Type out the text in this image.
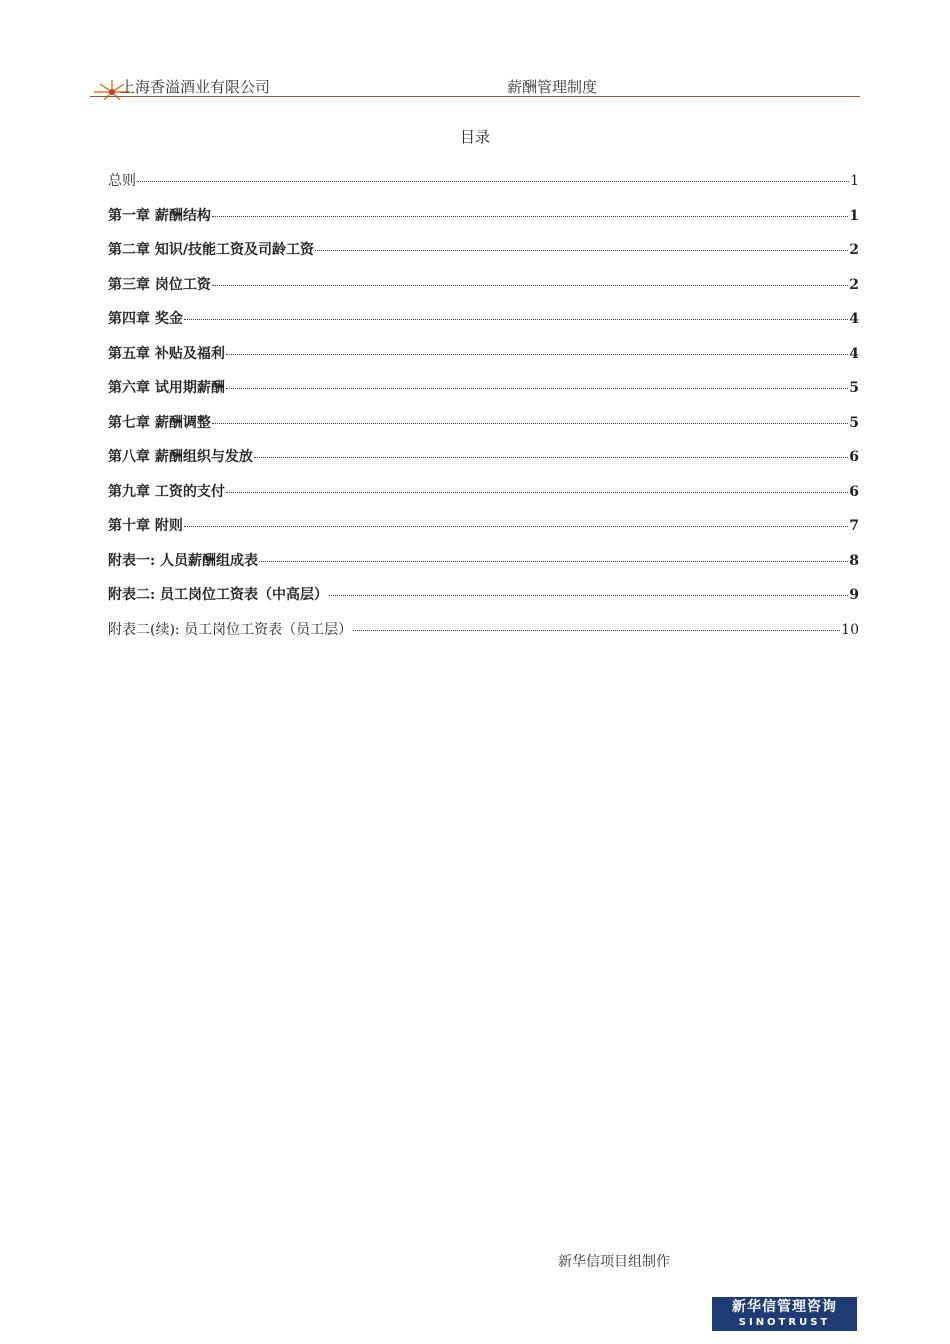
上海香溢酒业有限公司	薪酬管理制度
目录
总则	1
第一章 薪酬结构	1
第二章 知识/技能工资及司龄工资	2
第三章 岗位工资	2
第四章 奖金	4
第五章 补贴及福利	4
第六章 试用期薪酬	5
第七章 薪酬调整	5
第八章 薪酬组织与发放	6
第九章 工资的支付	6
第十章 附则	7
附表一: 人员薪酬组成表	8
附表二: 员工岗位工资表（中高层）	9
附表二(续): 员工岗位工资表（员工层）	10
新华信项目组制作
新华信管理咨询
SINOTRUST
